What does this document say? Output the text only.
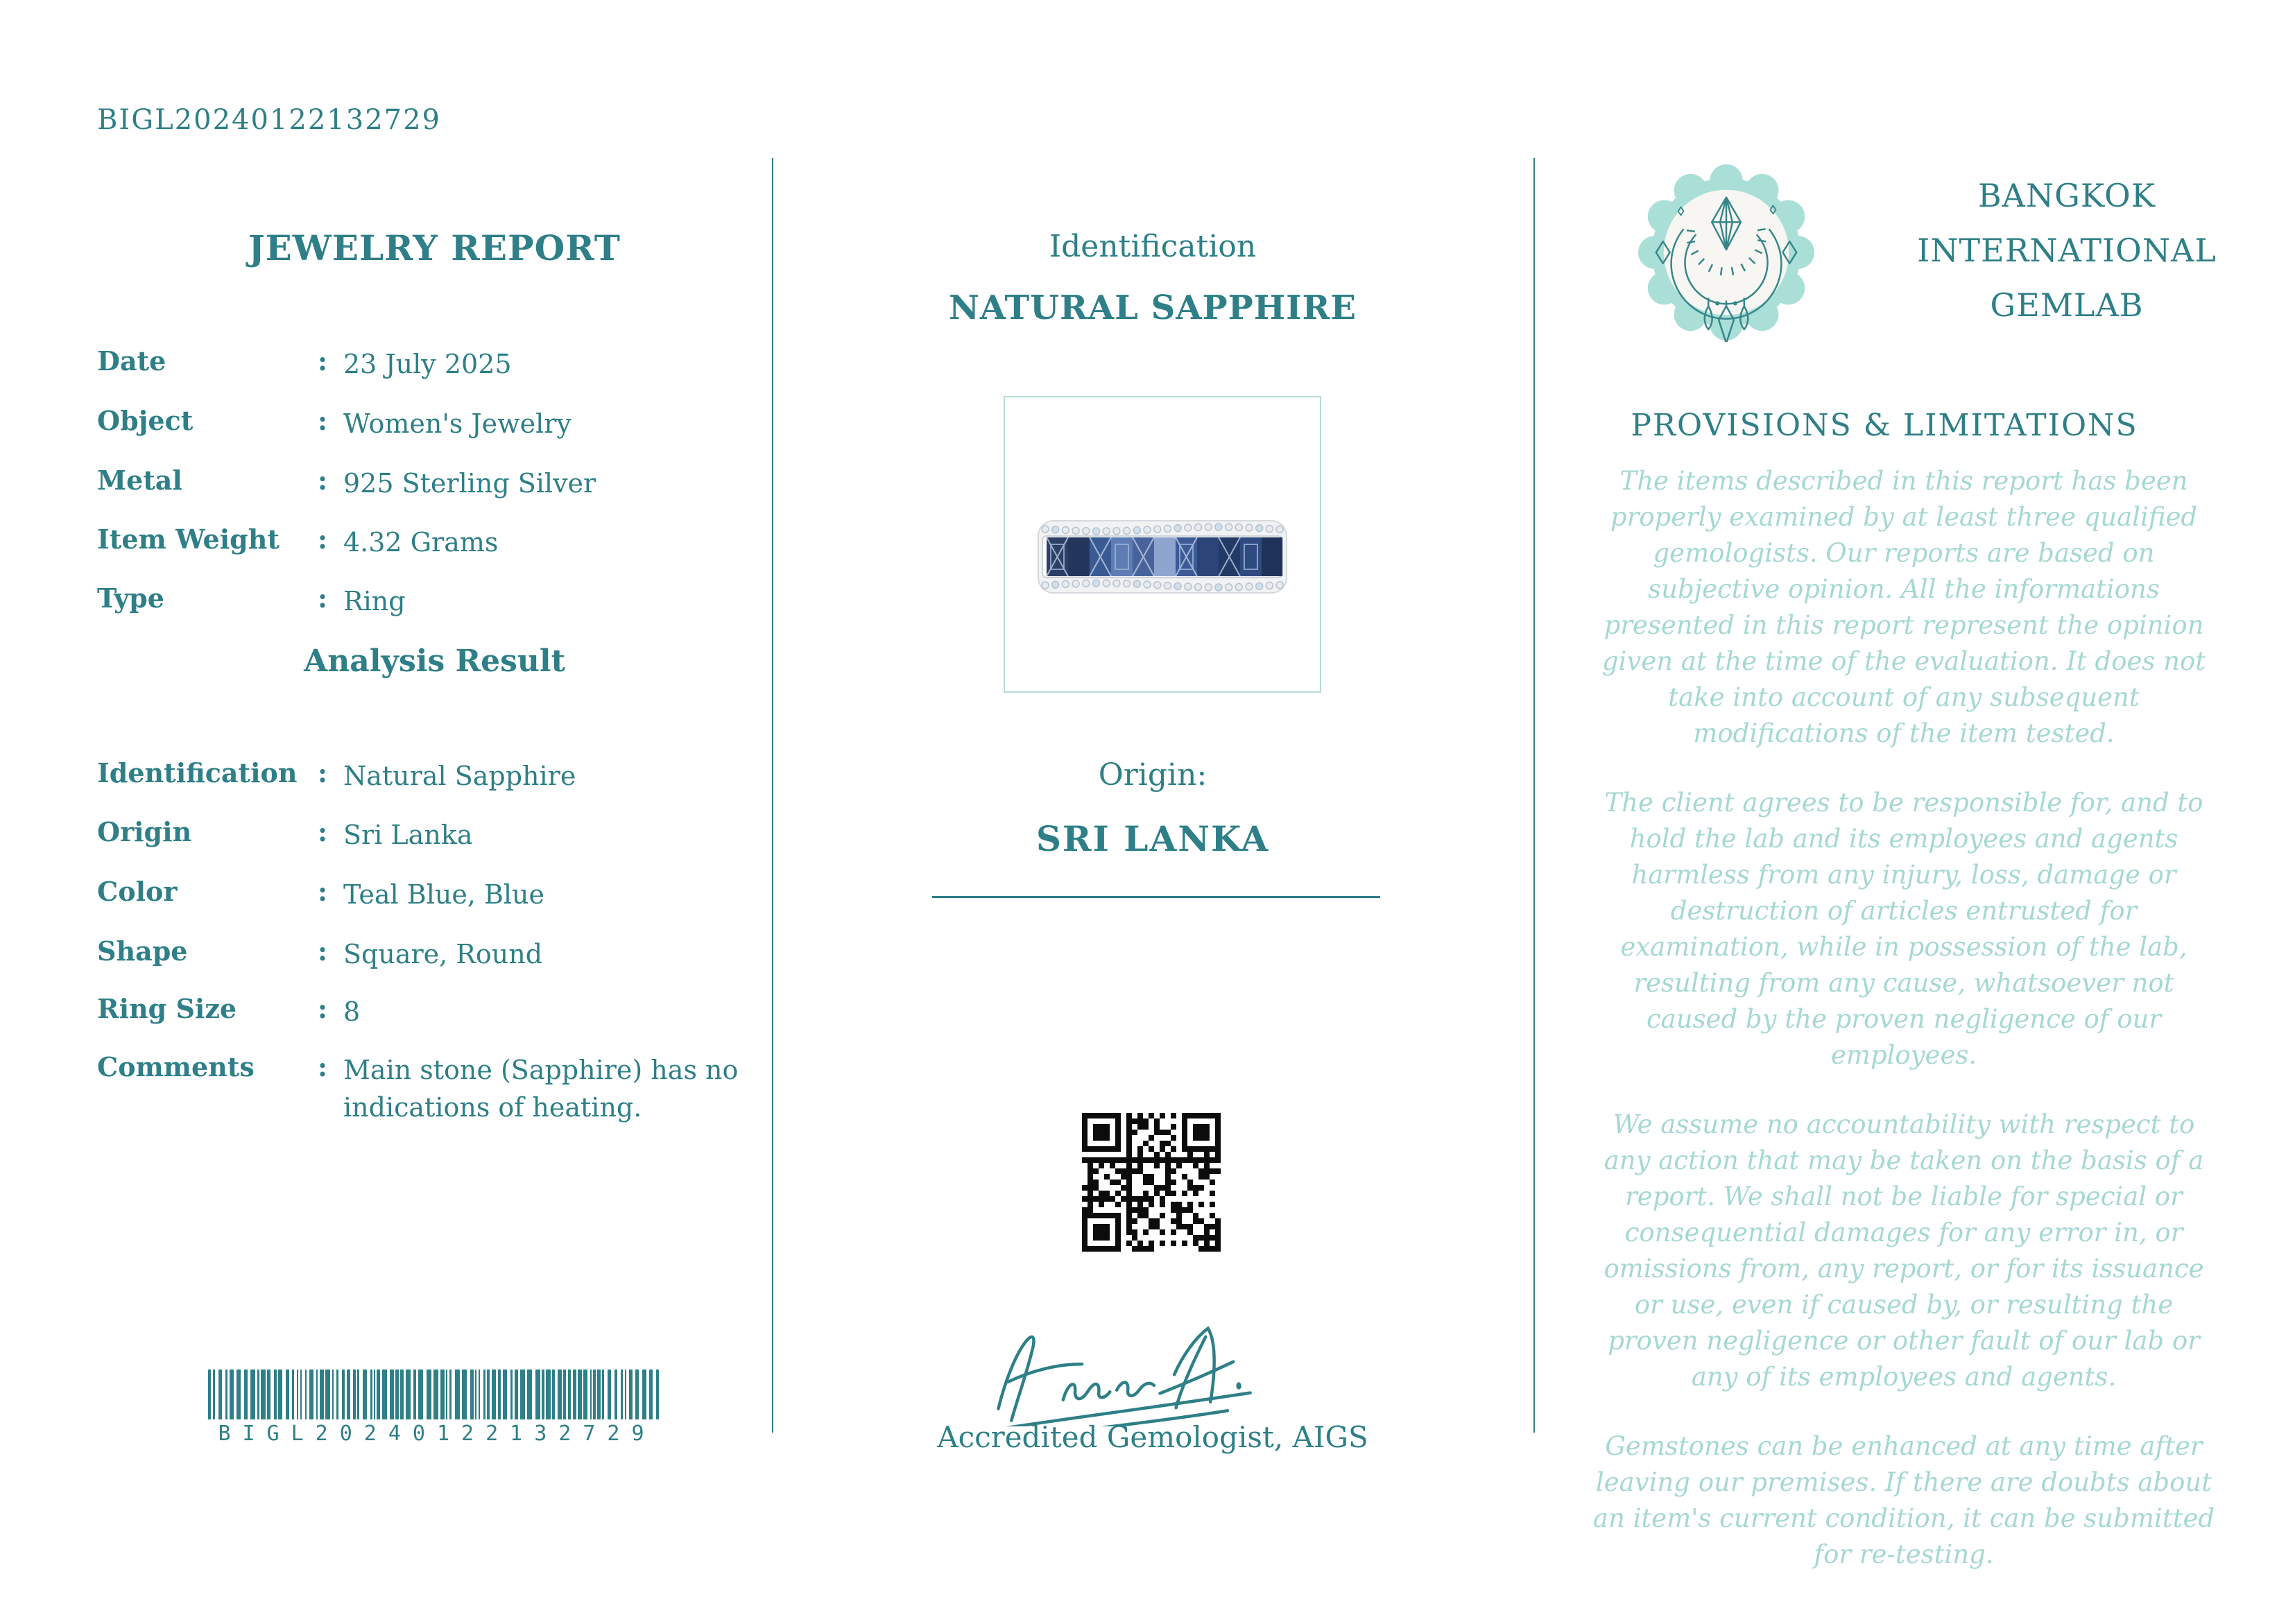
BIGL20240122132729
JEWELRY REPORT
Date	: 23 July 2025
Object	: Women's Jewelry
Metal	: 925 Sterling Silver
Item Weight	: 4.32 Grams
Type	: Ring
Analysis Result
Identification : Natural Sapphire
Origin	: Sri Lanka
Color	: Teal Blue, Blue
Shape	: Square, Round
Ring Size	: 8
Comments	: Main stone (Sapphire) has no indications of heating.
BIGL20240122132729
Identification
NATURAL SAPPHIRE
Origin:
SRI LANKA
Accredited Gemologist, AIGS
BANGKOK
INTERNATIONAL
GEMLAB
PROVISIONS & LIMITATIONS

The items described in this report has been properly examined by at least three qualified gemologists. Our reports are based on subjective opinion. All the informations presented in this report represent the opinion given at the time of the evaluation. It does not take into account of any subsequent modifications of the item tested.

The client agrees to be responsible for, and to hold the lab and its employees and agents harmless from any injury, loss, damage or destruction of articles entrusted for examination, while in possession of the lab, resulting from any cause, whatsoever not caused by the proven negligence of our employees.

We assume no accountability with respect to any action that may be taken on the basis of a report. We shall not be liable for special or consequential damages for any error in, or omissions from, any report, or for its issuance or use, even if caused by, or resulting the proven negligence or other fault of our lab or any of its employees and agents.

Gemstones can be enhanced at any time after leaving our premises. If there are doubts about an item's current condition, it can be submitted for re-testing.
